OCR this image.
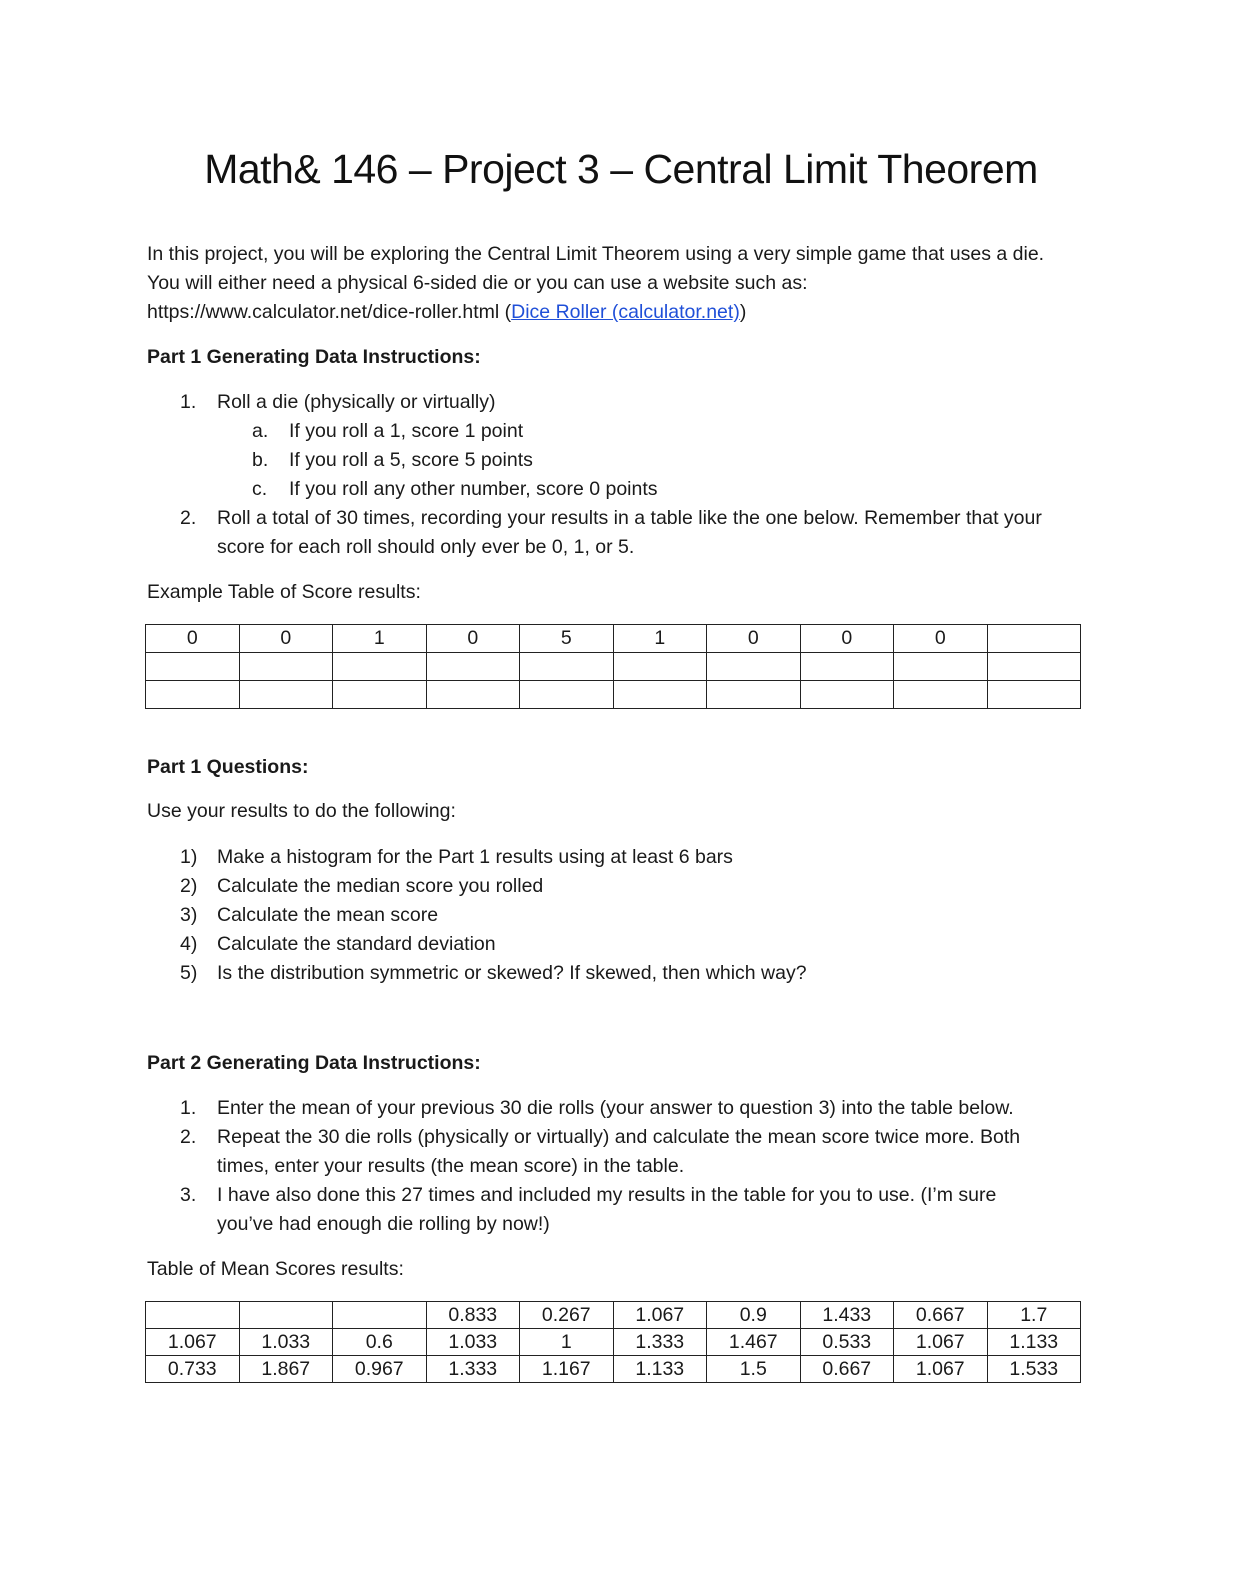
Math& 146 – Project 3 – Central Limit Theorem
In this project, you will be exploring the Central Limit Theorem using a very simple game that uses a die.
You will either need a physical 6-sided die or you can use a website such as:
https://www.calculator.net/dice-roller.html (Dice Roller (calculator.net))
Part 1 Generating Data Instructions:
1. Roll a die (physically or virtually)
a. If you roll a 1, score 1 point
b. If you roll a 5, score 5 points
c. If you roll any other number, score 0 points
2. Roll a total of 30 times, recording your results in a table like the one below. Remember that your
score for each roll should only ever be 0, 1, or 5.
Example Table of Score results:
0	0	1	0	5	1	0	0	0	

Part 1 Questions:
Use your results to do the following:
1) Make a histogram for the Part 1 results using at least 6 bars
2) Calculate the median score you rolled
3) Calculate the mean score
4) Calculate the standard deviation
5) Is the distribution symmetric or skewed? If skewed, then which way?
Part 2 Generating Data Instructions:
1. Enter the mean of your previous 30 die rolls (your answer to question 3) into the table below.
2. Repeat the 30 die rolls (physically or virtually) and calculate the mean score twice more. Both
times, enter your results (the mean score) in the table.
3. I have also done this 27 times and included my results in the table for you to use. (I’m sure
you’ve had enough die rolling by now!)
Table of Mean Scores results:
			0.833	0.267	1.067	0.9	1.433	0.667	1.7
1.067	1.033	0.6	1.033	1	1.333	1.467	0.533	1.067	1.133
0.733	1.867	0.967	1.333	1.167	1.133	1.5	0.667	1.067	1.533
